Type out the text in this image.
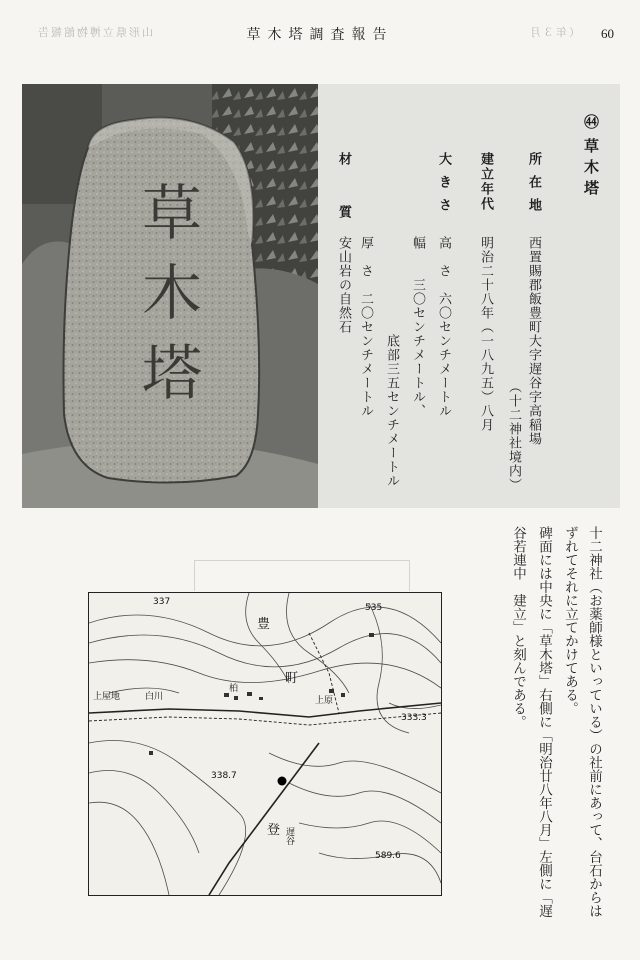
山形県立博物館報告	（年３月
草木塔調査報告	60
草
木
塔
㊹
草木塔
所在地
西置賜郡飯豊町大字遅谷字高稲場
（十二神社境内）
建立年代
明治二十八年（一八九五）八月
大きさ
高　さ　六〇センチメートル
幅　　三〇センチメートル、
　　　　　　　底部三五センチメートル
厚　さ　二〇センチメートル
材質
安山岩の自然石
十二神社（お薬師様といっている）の社前にあって、台石からは
ずれてそれに立てかけてある。
碑面には中央に「草木塔」右側に「明治廿八年八月」左側に「遅
谷若連中　建立」と刻んである。
豊
町
上屋地	白川
柏
上原
登 遅谷
337
535
338.7
589.6
333.3
